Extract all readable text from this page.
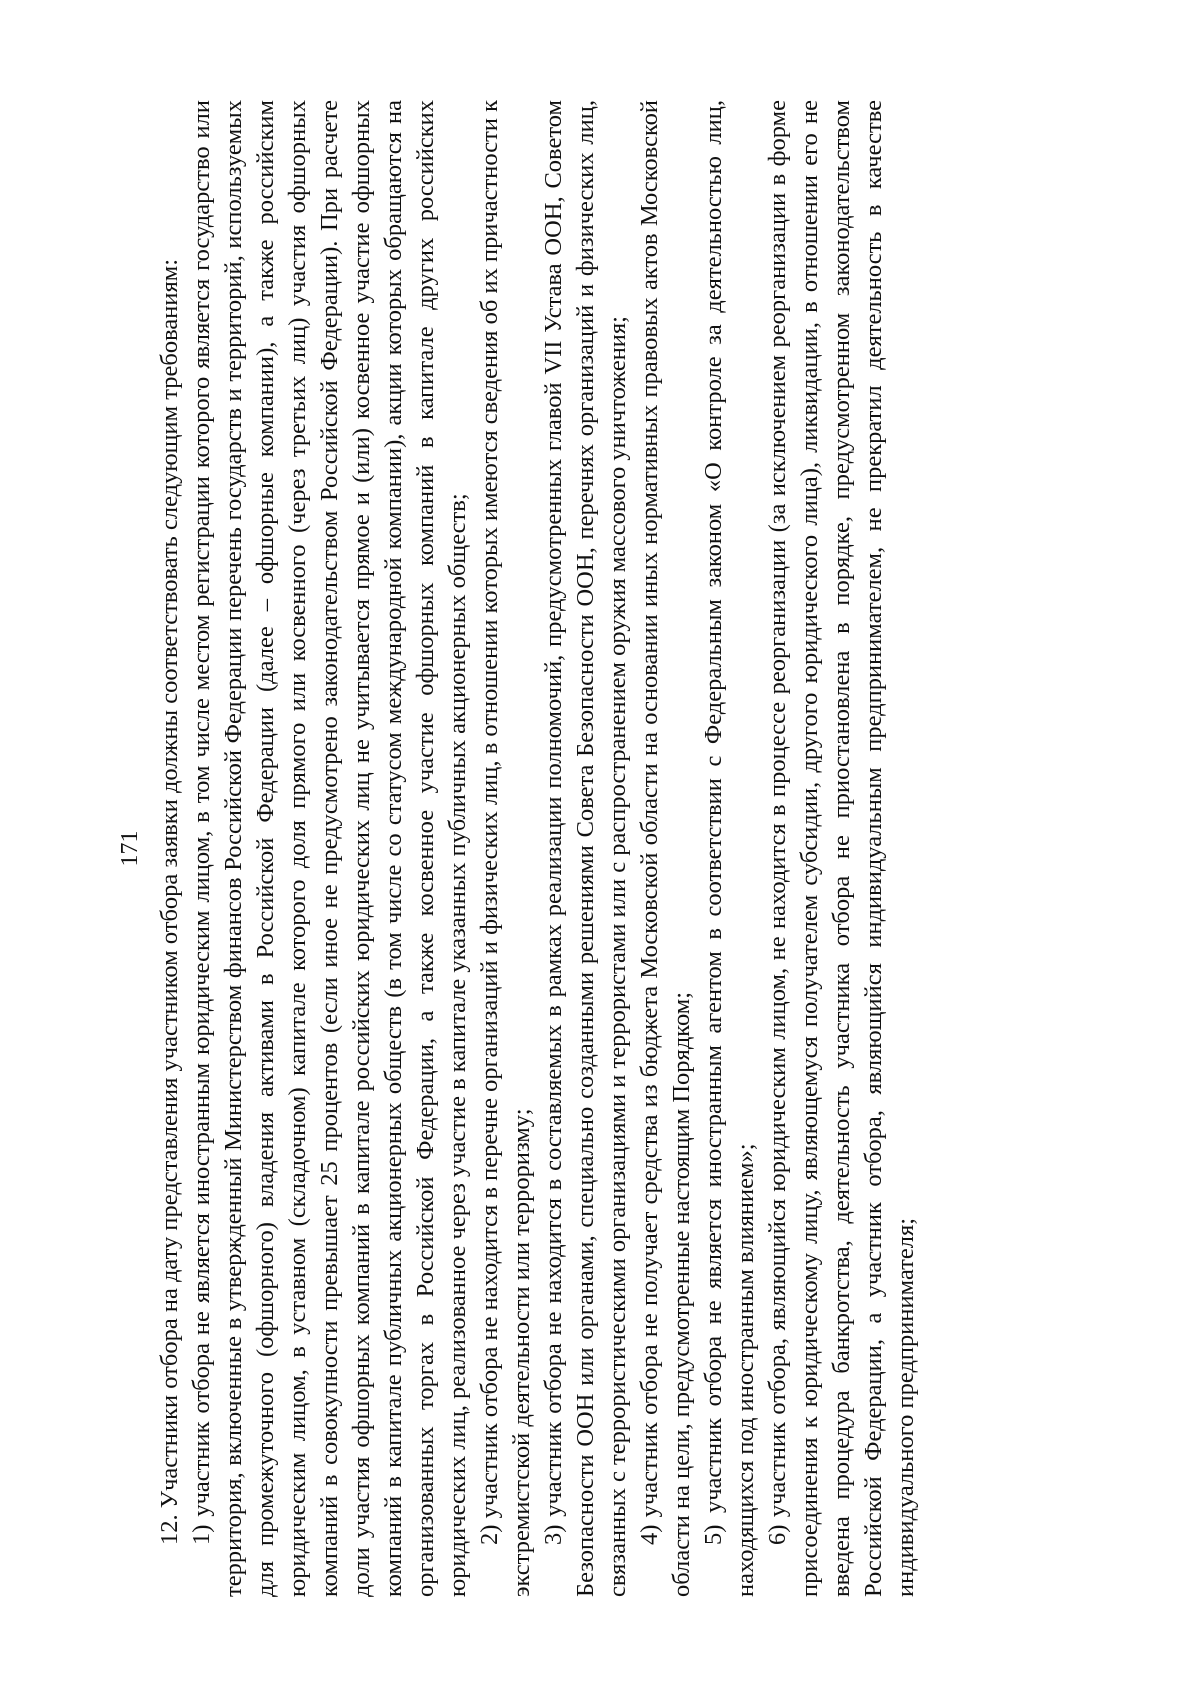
171 12. Участники отбора на дату представления участником отбора заявки должны соответствовать следующим требованиям: 1) участник отбора не является иностранным юридическим лицом, в том числе местом регистрации которого является государство или территория, включенные в утвержденный Министерством финансов Российской Федерации перечень государств и территорий, используемых для промежуточного (офшорного) владения активами в Российской Федерации (далее – офшорные компании), а также российским юридическим лицом, в уставном (складочном) капитале которого доля прямого или косвенного (через третьих лиц) участия офшорных компаний в совокупности превышает 25 процентов (если иное не предусмотрено законодательством Российской Федерации). При расчете доли участия офшорных компаний в капитале российских юридических лиц не учитывается прямое и (или) косвенное участие офшорных компаний в капитале публичных акционерных обществ (в том числе со статусом международной компании), акции которых обращаются на организованных торгах в Российской Федерации, а также косвенное участие офшорных компаний в капитале других российских юридических лиц, реализованное через участие в капитале указанных публичных акционерных обществ; 2) участник отбора не находится в перечне организаций и физических лиц, в отношении которых имеются сведения об их причастности к экстремистской деятельности или терроризму; 3) участник отбора не находится в составляемых в рамках реализации полномочий, предусмотренных главой VII Устава ООН, Советом Безопасности ООН или органами, специально созданными решениями Совета Безопасности ООН, перечнях организаций и физических лиц, связанных с террористическими организациями и террористами или с распространением оружия массового уничтожения; 4) участник отбора не получает средства из бюджета Московской области на основании иных нормативных правовых актов Московской области на цели, предусмотренные настоящим Порядком; 5) участник отбора не является иностранным агентом в соответствии с Федеральным законом «О контроле за деятельностью лиц, находящихся под иностранным влиянием»; 6) участник отбора, являющийся юридическим лицом, не находится в процессе реорганизации (за исключением реорганизации в форме присоединения к юридическому лицу, являющемуся получателем субсидии, другого юридического лица), ликвидации, в отношении его не введена процедура банкротства, деятельность участника отбора не приостановлена в порядке, предусмотренном законодательством Российской Федерации, а участник отбора, являющийся индивидуальным предпринимателем, не прекратил деятельность в качестве индивидуального предпринимателя;
